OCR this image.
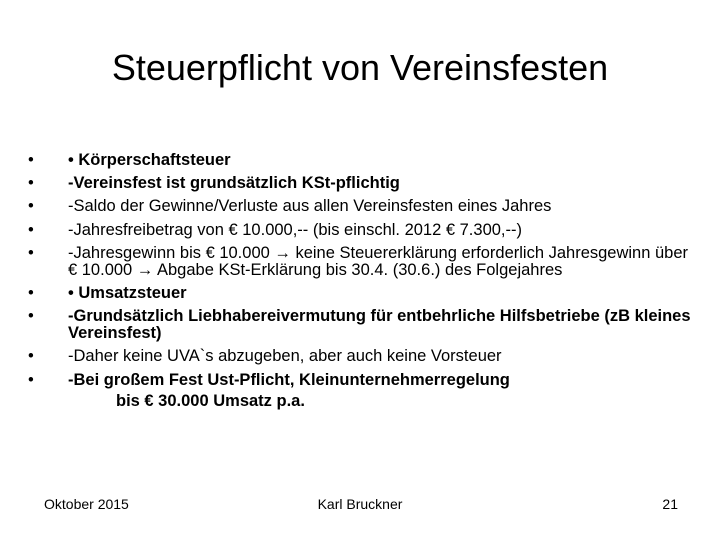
Steuerpflicht von Vereinsfesten
• • Körperschaftsteuer
• -Vereinsfest ist grundsätzlich KSt-pflichtig
• -Saldo der Gewinne/Verluste aus allen Vereinsfesten eines Jahres
• -Jahresfreibetrag von € 10.000,-- (bis einschl. 2012 € 7.300,--)
• -Jahresgewinn bis € 10.000 → keine Steuererklärung erforderlich Jahresgewinn über € 10.000 → Abgabe KSt-Erklärung bis 30.4. (30.6.) des Folgejahres
• • Umsatzsteuer
• -Grundsätzlich Liebhabereivermutung für entbehrliche Hilfsbetriebe (zB kleines Vereinsfest)
• -Daher keine UVA`s abzugeben, aber auch keine Vorsteuer
• -Bei großem Fest Ust-Pflicht, Kleinunternehmerregelung
bis € 30.000 Umsatz p.a.
Oktober 2015	Karl Bruckner	21
